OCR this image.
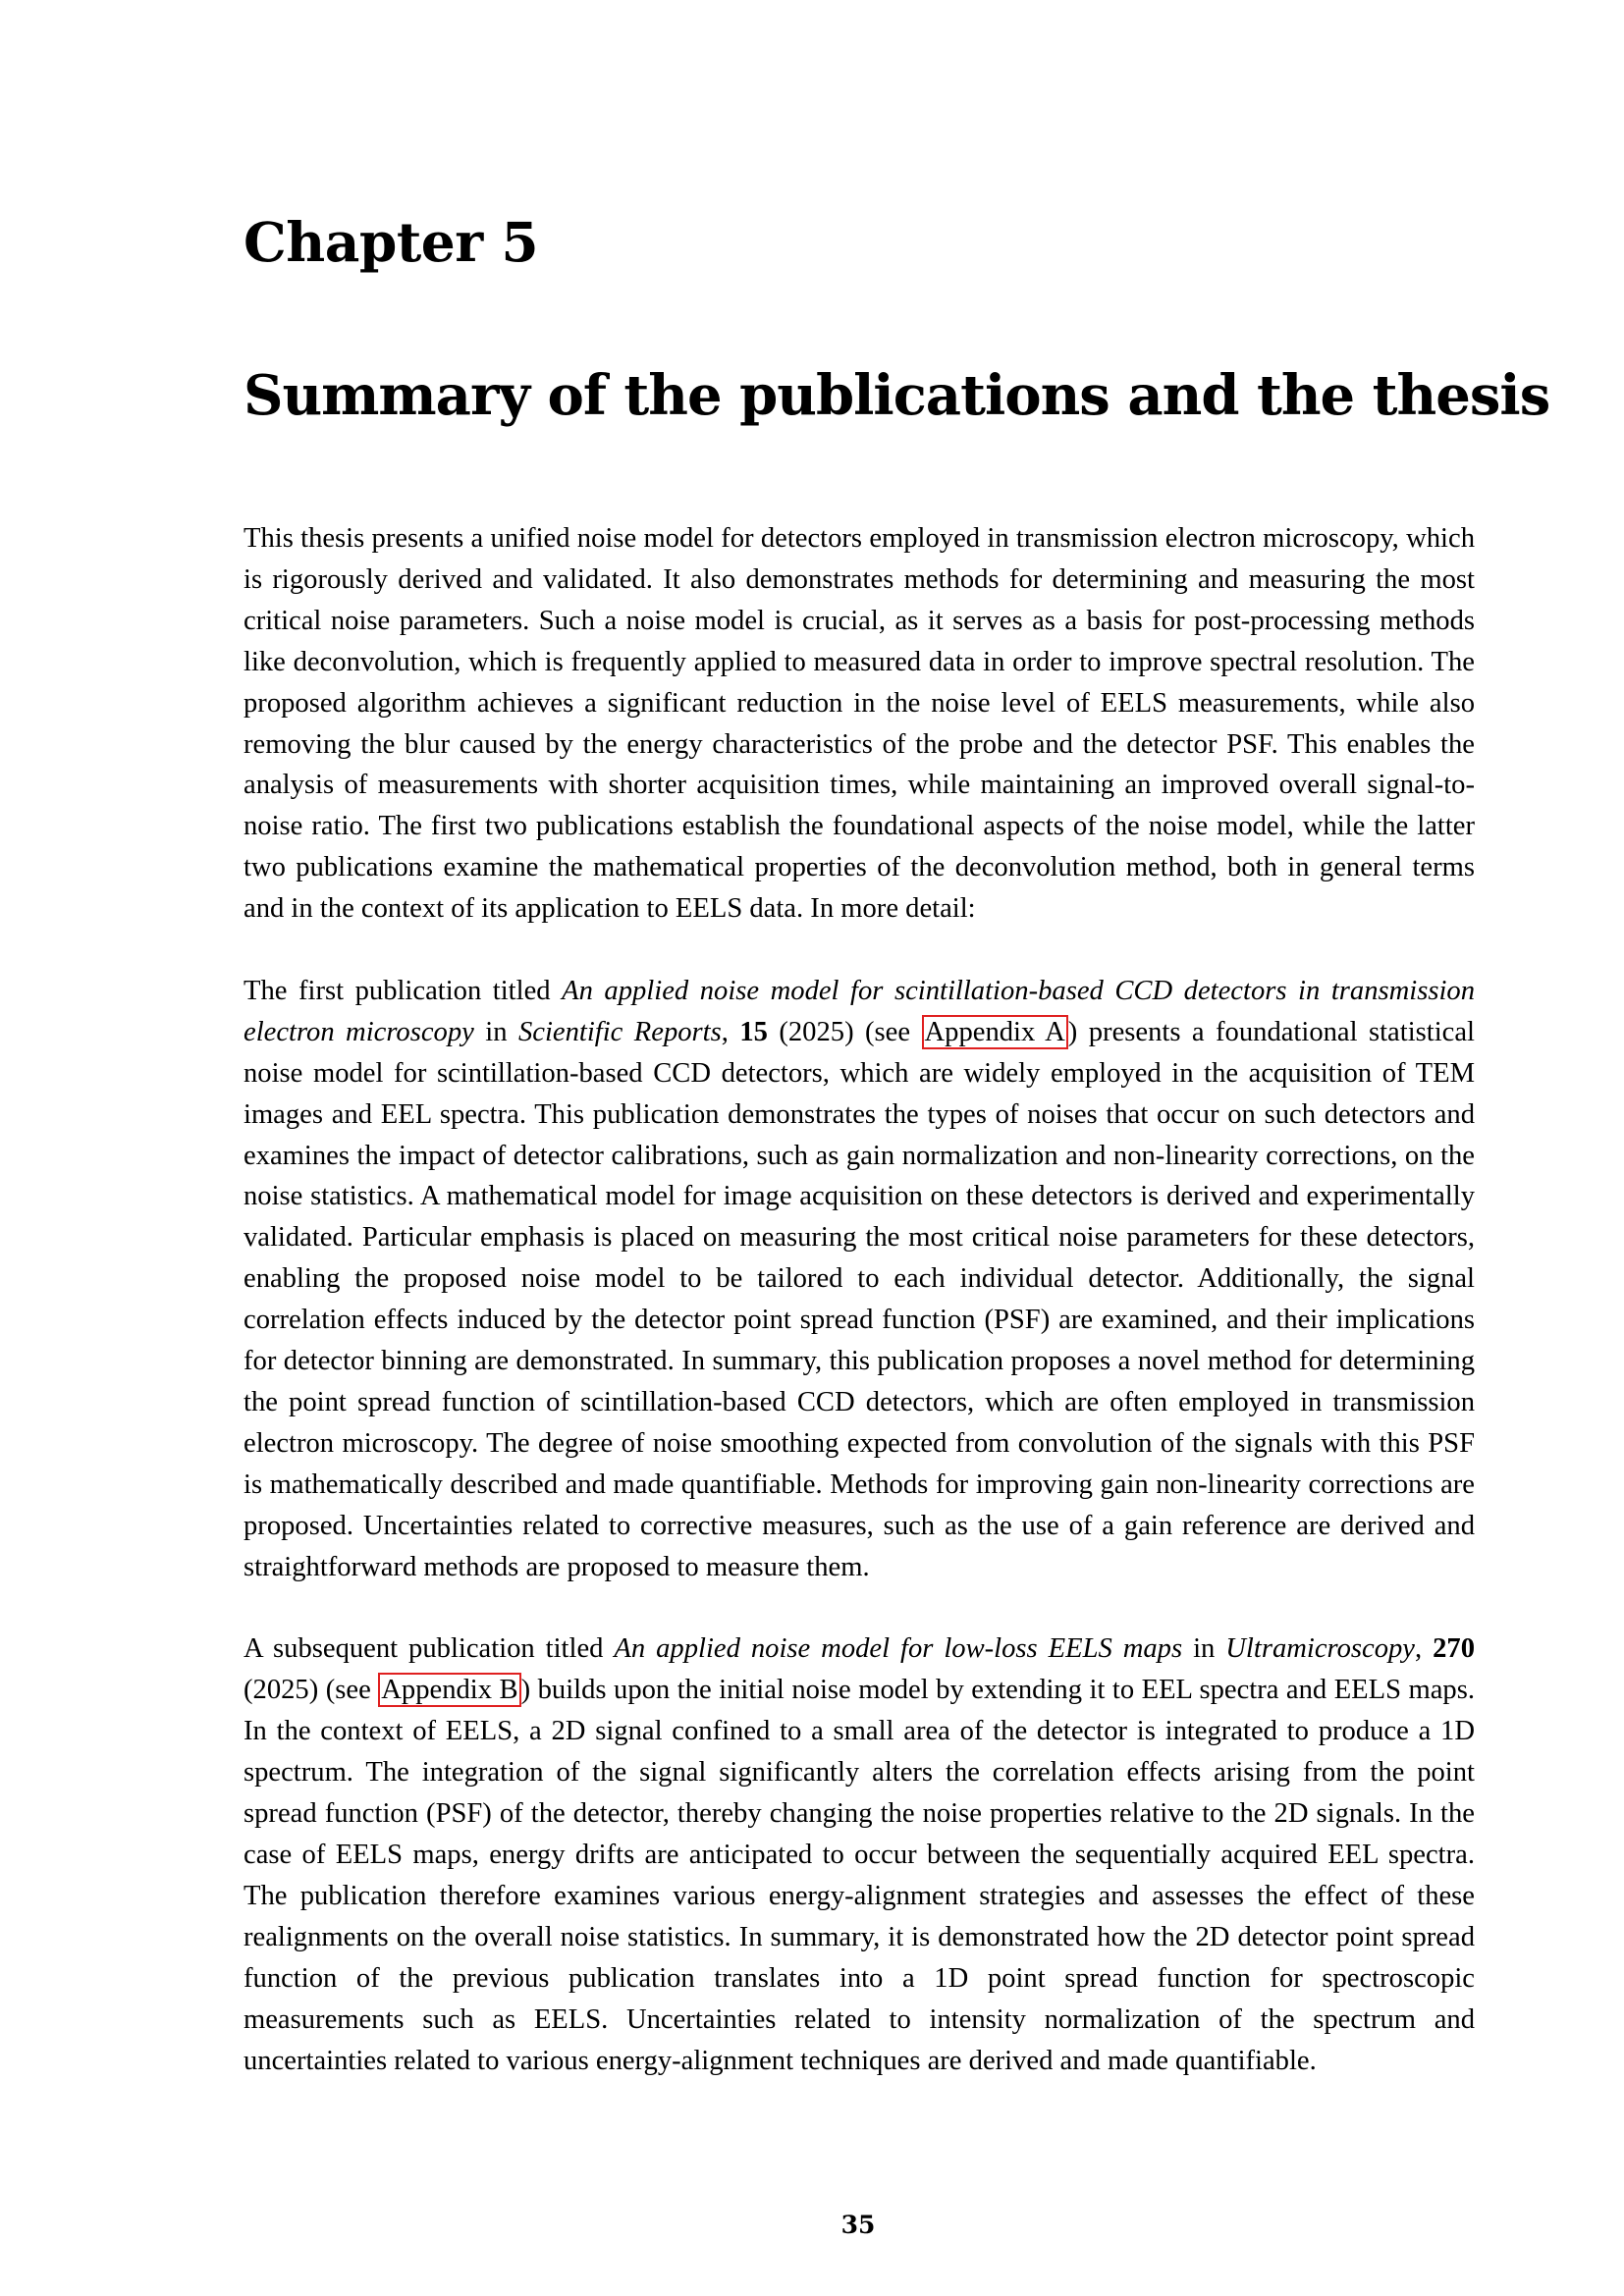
Chapter 5
Summary of the publications and the thesis

This thesis presents a unified noise model for detectors employed in transmission electron microscopy, which is rigorously derived and validated. It also demonstrates methods for determining and measuring the most critical noise parameters. Such a noise model is crucial, as it serves as a basis for post-processing methods like deconvolution, which is frequently applied to measured data in order to improve spectral resolution. The proposed algorithm achieves a significant reduction in the noise level of EELS measurements, while also removing the blur caused by the energy characteristics of the probe and the detector PSF. This enables the analysis of measurements with shorter acquisition times, while maintaining an improved overall signal-to-noise ratio. The first two publications establish the foundational aspects of the noise model, while the latter two publications examine the mathematical properties of the deconvolution method, both in general terms and in the context of its application to EELS data. In more detail:

The first publication titled An applied noise model for scintillation-based CCD detectors in transmission electron microscopy in Scientific Reports, 15 (2025) (see Appendix A ) presents a foundational statistical noise model for scintillation-based CCD detectors, which are widely employed in the acquisition of TEM images and EEL spectra. This publication demonstrates the types of noises that occur on such detectors and examines the impact of detector calibrations, such as gain normalization and non-linearity corrections, on the noise statistics. A mathematical model for image acquisition on these detectors is derived and experimentally validated. Particular emphasis is placed on measuring the most critical noise parameters for these detectors, enabling the proposed noise model to be tailored to each individual detector. Additionally, the signal correlation effects induced by the detector point spread function (PSF) are examined, and their implications for detector binning are demonstrated. In summary, this publication proposes a novel method for determining the point spread function of scintillation-based CCD detectors, which are often employed in transmission electron microscopy. The degree of noise smoothing expected from convolution of the signals with this PSF is mathematically described and made quantifiable. Methods for improving gain non-linearity corrections are proposed. Uncertainties related to corrective measures, such as the use of a gain reference are derived and straightforward methods are proposed to measure them.

A subsequent publication titled An applied noise model for low-loss EELS maps in Ultramicroscopy, 270 (2025) (see Appendix B ) builds upon the initial noise model by extending it to EEL spectra and EELS maps. In the context of EELS, a 2D signal confined to a small area of the detector is integrated to produce a 1D spectrum. The integration of the signal significantly alters the correlation effects arising from the point spread function (PSF) of the detector, thereby changing the noise properties relative to the 2D signals. In the case of EELS maps, energy drifts are anticipated to occur between the sequentially acquired EEL spectra. The publication therefore examines various energy-alignment strategies and assesses the effect of these realignments on the overall noise statistics. In summary, it is demonstrated how the 2D detector point spread function of the previous publication translates into a 1D point spread function for spectroscopic measurements such as EELS. Uncertainties related to intensity normalization of the spectrum and uncertainties related to various energy-alignment techniques are derived and made quantifiable.

35
